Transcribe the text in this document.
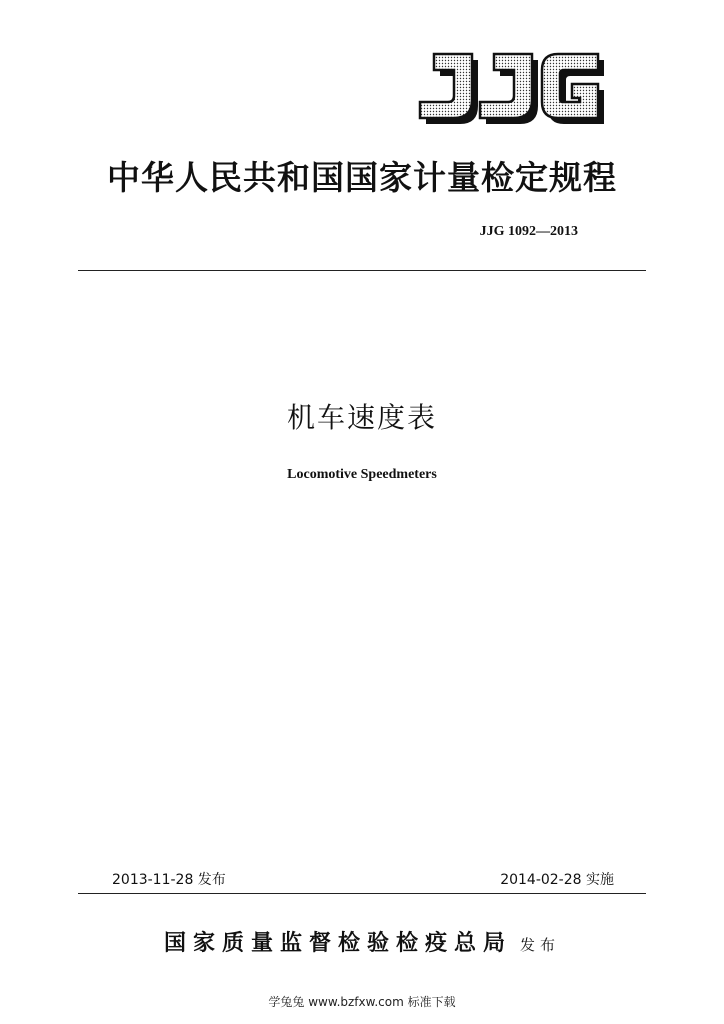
中华人民共和国国家计量检定规程
JJG 1092—2013
机车速度表
Locomotive Speedmeters
2013-11-28 发布	2014-02-28 实施
国家质量监督检验检疫总局 发布
学兔兔 www.bzfxw.com 标准下载
